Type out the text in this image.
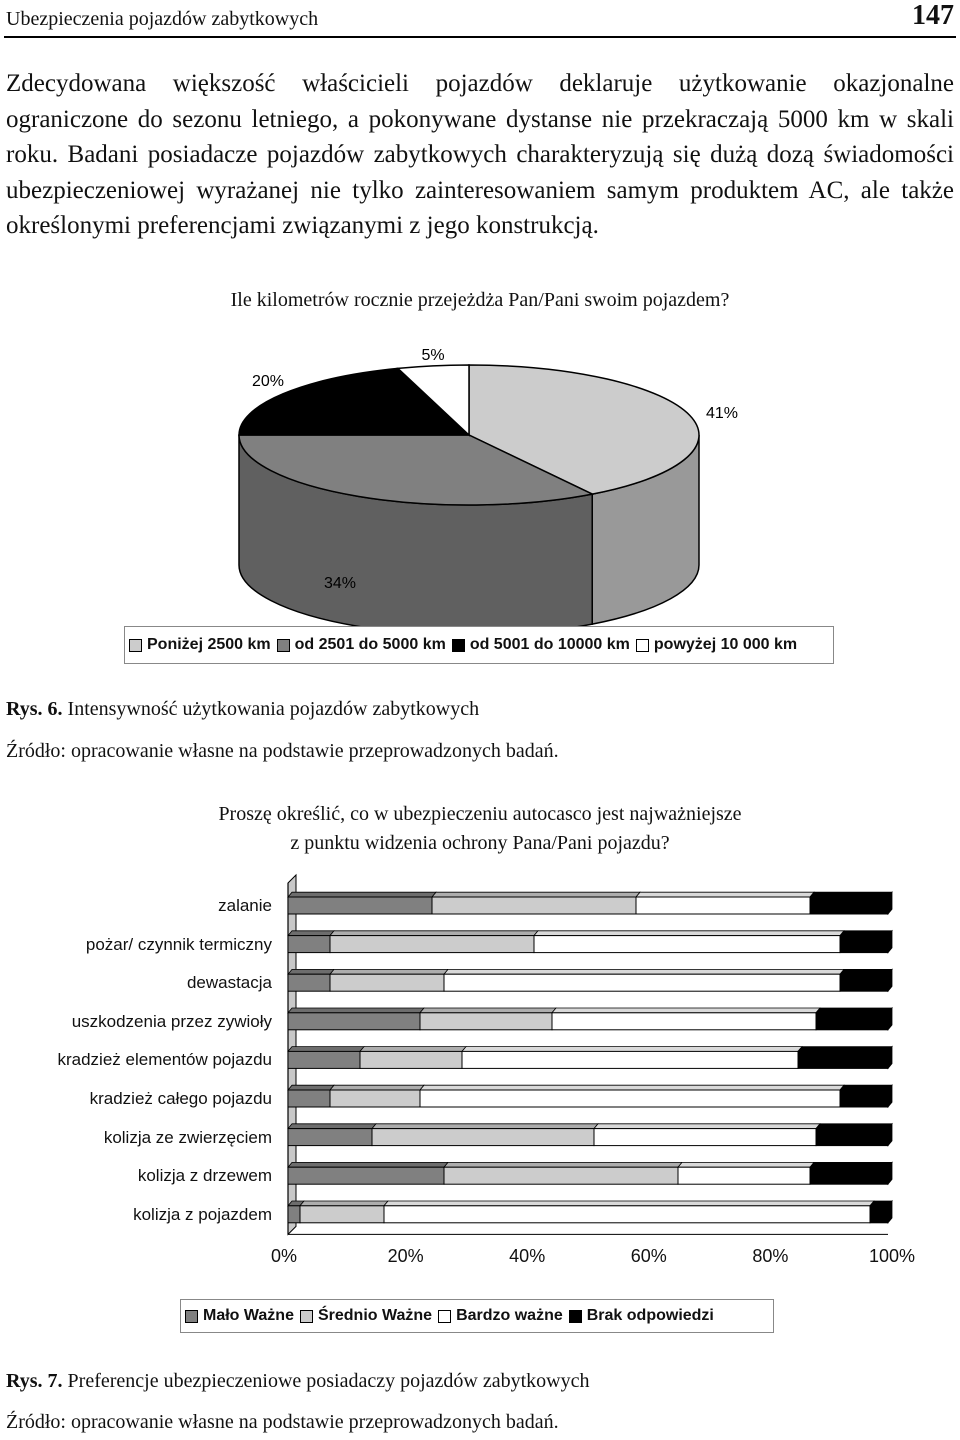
Ubezpieczenia pojazdów zabytkowych	147

Zdecydowana większość właścicieli pojazdów deklaruje użytkowanie okazjonalne ograniczone do sezonu letniego, a pokonywane dystanse nie przekraczają 5000 km w skali roku. Badani posiadacze pojazdów zabytkowych charakteryzują się dużą dozą świadomości ubezpieczeniowej wyrażanej nie tylko zainteresowaniem samym produktem AC, ale także określonymi preferencjami związanymi z jego konstrukcją.

Ile kilometrów rocznie przejeżdża Pan/Pani swoim pojazdem?
41%
34%
20%
5%
Poniżej 2500 km od 2501 do 5000 km od 5001 do 10000 km powyżej 10 000 km
Rys. 6. Intensywność użytkowania pojazdów zabytkowych
Źródło: opracowanie własne na podstawie przeprowadzonych badań.
Proszę określić, co w ubezpieczeniu autocasco jest najważniejsze
z punktu widzenia ochrony Pana/Pani pojazdu?
zalanie
pożar/ czynnik termiczny
dewastacja
uszkodzenia przez zywioły
kradzież elementów pojazdu
kradzież całego pojazdu
kolizja ze zwierzęciem
kolizja z drzewem
kolizja z pojazdem
0%	20%	40%	60%	80%	100%
Mało Ważne Średnio Ważne Bardzo ważne Brak odpowiedzi
Rys. 7. Preferencje ubezpieczeniowe posiadaczy pojazdów zabytkowych
Źródło: opracowanie własne na podstawie przeprowadzonych badań.
